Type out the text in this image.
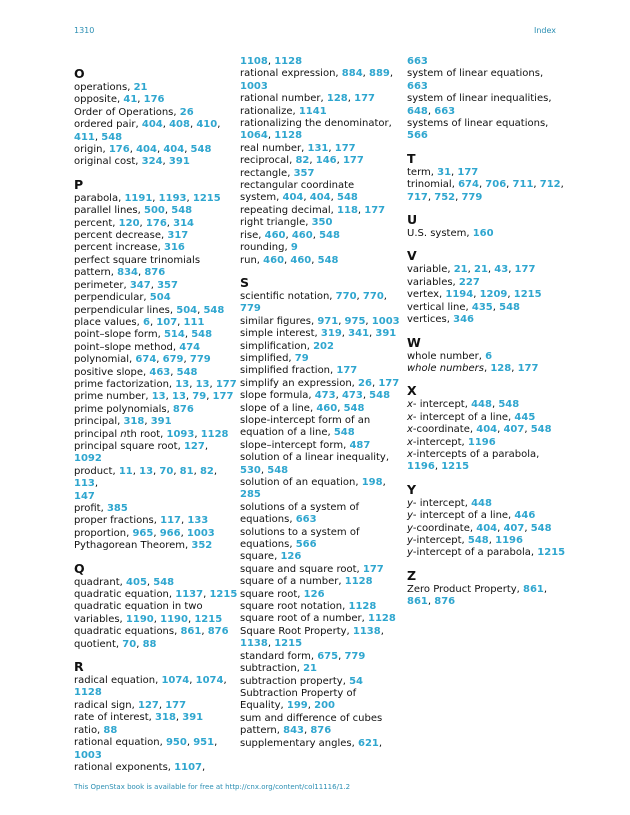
1310	Index
O
operations, 21
opposite, 41, 176
Order of Operations, 26
ordered pair, 404, 408, 410,
411, 548
origin, 176, 404, 404, 548
original cost, 324, 391
P
parabola, 1191, 1193, 1215
parallel lines, 500, 548
percent, 120, 176, 314
percent decrease, 317
percent increase, 316
perfect square trinomials
pattern, 834, 876
perimeter, 347, 357
perpendicular, 504
perpendicular lines, 504, 548
place values, 6, 107, 111
point–slope form, 514, 548
point–slope method, 474
polynomial, 674, 679, 779
positive slope, 463, 548
prime factorization, 13, 13, 177
prime number, 13, 13, 79, 177
prime polynomials, 876
principal, 318, 391
principal nth root, 1093, 1128
principal square root, 127,
1092
product, 11, 13, 70, 81, 82, 113,
147
profit, 385
proper fractions, 117, 133
proportion, 965, 966, 1003
Pythagorean Theorem, 352
Q
quadrant, 405, 548
quadratic equation, 1137, 1215
quadratic equation in two
variables, 1190, 1190, 1215
quadratic equations, 861, 876
quotient, 70, 88
R
radical equation, 1074, 1074,
1128
radical sign, 127, 177
rate of interest, 318, 391
ratio, 88
rational equation, 950, 951,
1003
rational exponents, 1107,
1108, 1128
rational expression, 884, 889,
1003
rational number, 128, 177
rationalize, 1141
rationalizing the denominator,
1064, 1128
real number, 131, 177
reciprocal, 82, 146, 177
rectangle, 357
rectangular coordinate
system, 404, 404, 548
repeating decimal, 118, 177
right triangle, 350
rise, 460, 460, 548
rounding, 9
run, 460, 460, 548
S
scientific notation, 770, 770,
779
similar figures, 971, 975, 1003
simple interest, 319, 341, 391
simplification, 202
simplified, 79
simplified fraction, 177
simplify an expression, 26, 177
slope formula, 473, 473, 548
slope of a line, 460, 548
slope-intercept form of an
equation of a line, 548
slope–intercept form, 487
solution of a linear inequality,
530, 548
solution of an equation, 198,
285
solutions of a system of
equations, 663
solutions to a system of
equations, 566
square, 126
square and square root, 177
square of a number, 1128
square root, 126
square root notation, 1128
square root of a number, 1128
Square Root Property, 1138,
1138, 1215
standard form, 675, 779
subtraction, 21
subtraction property, 54
Subtraction Property of
Equality, 199, 200
sum and difference of cubes
pattern, 843, 876
supplementary angles, 621,
663
system of linear equations,
663
system of linear inequalities,
648, 663
systems of linear equations,
566
T
term, 31, 177
trinomial, 674, 706, 711, 712,
717, 752, 779
U
U.S. system, 160
V
variable, 21, 21, 43, 177
variables, 227
vertex, 1194, 1209, 1215
vertical line, 435, 548
vertices, 346
W
whole number, 6
whole numbers, 128, 177
X
x- intercept, 448, 548
x- intercept of a line, 445
x-coordinate, 404, 407, 548
x-intercept, 1196
x-intercepts of a parabola,
1196, 1215
Y
y- intercept, 448
y- intercept of a line, 446
y-coordinate, 404, 407, 548
y-intercept, 548, 1196
y-intercept of a parabola, 1215
Z
Zero Product Property, 861,
861, 876
This OpenStax book is available for free at http://cnx.org/content/col11116/1.2
